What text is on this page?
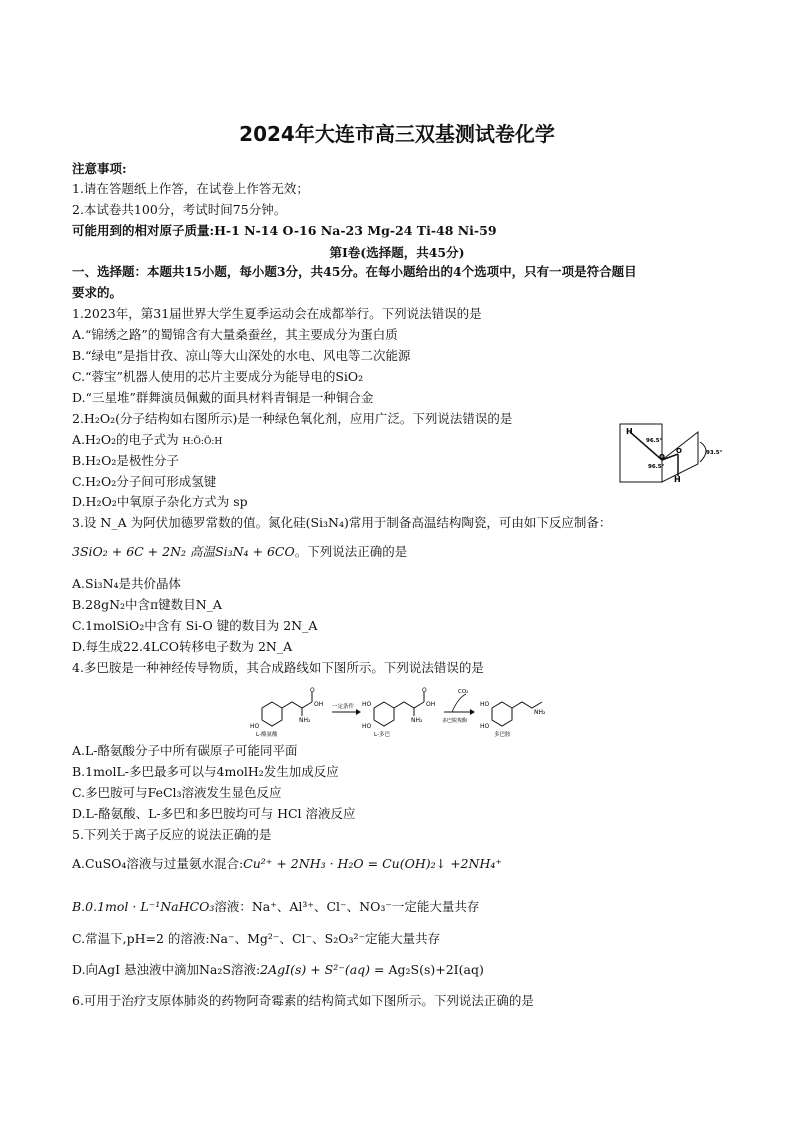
2024年大连市高三双基测试卷化学
注意事项:
1.请在答题纸上作答，在试卷上作答无效；
2.本试卷共100分，考试时间75分钟。
可能用到的相对原子质量:H-1 N-14 O-16 Na-23 Mg-24 Ti-48 Ni-59
第Ⅰ卷(选择题，共45分)
一、选择题：本题共15小题，每小题3分，共45分。在每小题给出的4个选项中，只有一项是符合题目
要求的。
1.2023年，第31届世界大学生夏季运动会在成都举行。下列说法错误的是
A.“锦绣之路”的蜀锦含有大量桑蚕丝，其主要成分为蛋白质
B.“绿电”是指甘孜、凉山等大山深处的水电、风电等二次能源
C.“蓉宝”机器人使用的芯片主要成分为能导电的SiO₂
D.“三星堆”群舞演员佩戴的面具材料青铜是一种铜合金
2.H₂O₂(分子结构如右图所示)是一种绿色氧化剂，应用广泛。下列说法错误的是
A.H₂O₂的电子式为 H:Ö:Ö:H
B.H₂O₂是极性分子
C.H₂O₂分子间可形成氢键
D.H₂O₂中氧原子杂化方式为 sp
H
H
O
O
96.5°
96.5°
93.5°
3.设 N_A 为阿伏加德罗常数的值。氮化硅(Si₃N₄)常用于制备高温结构陶瓷，可由如下反应制备：
3SiO₂ + 6C + 2N₂ 高温Si₃N₄ + 6CO。下列说法正确的是
A.Si₃N₄是共价晶体
B.28gN₂中含π键数目N_A
C.1molSiO₂中含有 Si-O 键的数目为 2N_A
D.每生成22.4LCO转移电子数为 2N_A
4.多巴胺是一种神经传导物质，其合成路线如下图所示。下列说法错误的是
HO
O
OH
NH₂
L-酪氨酸
一定条件 HO
HO
O
OH
NH₂
L-多巴
CO₂
多巴脱羧酶
HO
HO
NH₂
多巴胺
A.L-酪氨酸分子中所有碳原子可能同平面
B.1molL-多巴最多可以与4molH₂发生加成反应
C.多巴胺可与FeCl₃溶液发生显色反应
D.L-酪氨酸、L-多巴和多巴胺均可与 HCl 溶液反应
5.下列关于离子反应的说法正确的是
A.CuSO₄溶液与过量氨水混合:Cu²⁺ + 2NH₃ · H₂O = Cu(OH)₂↓ +2NH₄⁺
B.0.1mol · L⁻¹NaHCO₃溶液：Na⁺、Al³⁺、Cl⁻、NO₃⁻一定能大量共存
C.常温下,pH=2 的溶液:Na⁻、Mg²⁻、Cl⁻、S₂O₃²⁻定能大量共存
D.向AgI 悬浊液中滴加Na₂S溶液:2AgI(s) + S²⁻(aq) = Ag₂S(s)+2I(aq)
6.可用于治疗支原体肺炎的药物阿奇霉素的结构简式如下图所示。下列说法正确的是
